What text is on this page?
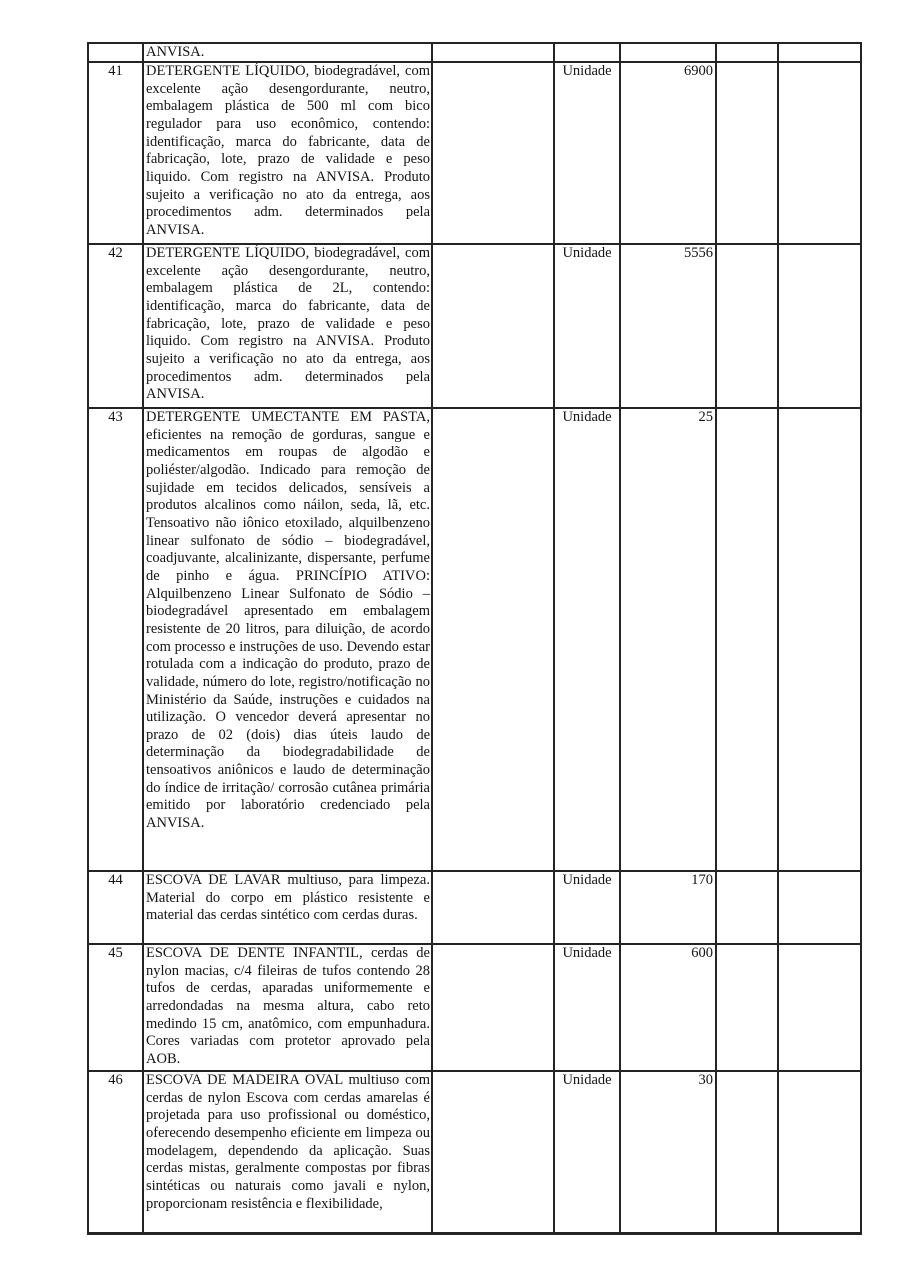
	ANVISA.					

41	DETERGENTE LÍQUIDO, biodegradável, com excelente ação desengordurante, neutro, embalagem plástica de 500 ml com bico regulador para uso econômico, contendo: identificação, marca do fabricante, data de fabricação, lote, prazo de validade e peso liquido. Com registro na ANVISA. Produto sujeito a verificação no ato da entrega, aos procedimentos adm. determinados pela ANVISA.		Unidade	6900		

42	DETERGENTE LÍQUIDO, biodegradável, com excelente ação desengordurante, neutro, embalagem plástica de 2L, contendo: identificação, marca do fabricante, data de fabricação, lote, prazo de validade e peso liquido. Com registro na ANVISA. Produto sujeito a verificação no ato da entrega, aos procedimentos adm. determinados pela ANVISA.		Unidade	5556		

43	DETERGENTE UMECTANTE EM PASTA, eficientes na remoção de gorduras, sangue e medicamentos em roupas de algodão e poliéster/algodão. Indicado para remoção de sujidade em tecidos delicados, sensíveis a produtos alcalinos como náilon, seda, lã, etc. Tensoativo não iônico etoxilado, alquilbenzeno linear sulfonato de sódio – biodegradável, coadjuvante, alcalinizante, dispersante, perfume de pinho e água. PRINCÍPIO ATIVO: Alquilbenzeno Linear Sulfonato de Sódio – biodegradável apresentado em embalagem resistente de 20 litros, para diluição, de acordo com processo e instruções de uso. Devendo estar rotulada com a indicação do produto, prazo de validade, número do lote, registro/notificação no Ministério da Saúde, instruções e cuidados na utilização. O vencedor deverá apresentar no prazo de 02 (dois) dias úteis laudo de determinação da biodegradabilidade de tensoativos aniônicos e laudo de determinação do índice de irritação/ corrosão cutânea primária emitido por laboratório credenciado pela ANVISA.		Unidade	25		

44	ESCOVA DE LAVAR multiuso, para limpeza. Material do corpo em plástico resistente e material das cerdas sintético com cerdas duras.		Unidade	170		

45	ESCOVA DE DENTE INFANTIL, cerdas de nylon macias, c/4 fileiras de tufos contendo 28 tufos de cerdas, aparadas uniformemente e arredondadas na mesma altura, cabo reto medindo 15 cm, anatômico, com empunhadura. Cores variadas com protetor aprovado pela AOB.		Unidade	600		

46	ESCOVA DE MADEIRA OVAL multiuso com cerdas de nylon Escova com cerdas amarelas é projetada para uso profissional ou doméstico, oferecendo desempenho eficiente em limpeza ou modelagem, dependendo da aplicação. Suas cerdas mistas, geralmente compostas por fibras sintéticas ou naturais como javali e nylon, proporcionam resistência e flexibilidade,		Unidade	30		
